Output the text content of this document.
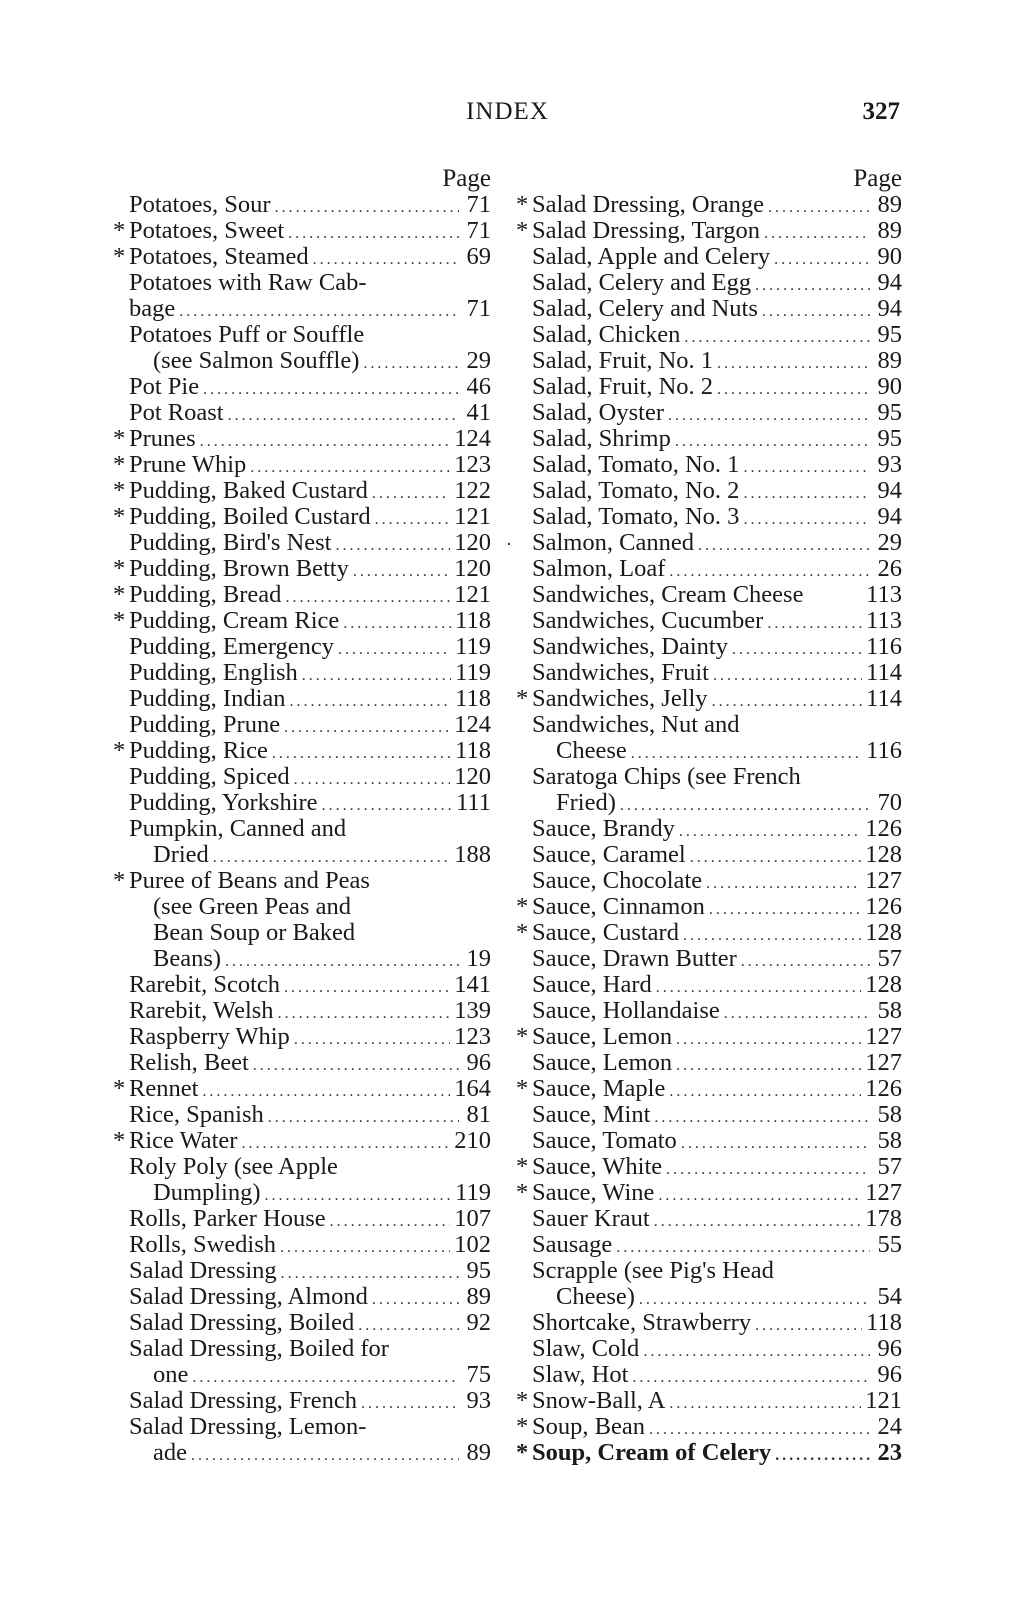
INDEX	327
Page
Potatoes, Sour .....	71
* Potatoes, Sweet .....	71
* Potatoes, Steamed .....	69
Potatoes with Raw Cab-
bage .....	71
Potatoes Puff or Souffle
(see Salmon Souffle) .....	29
Pot Pie .....	46
Pot Roast .....	41
* Prunes .....	124
* Prune Whip .....	123
* Pudding, Baked Custard .....	122
* Pudding, Boiled Custard .....	121
Pudding, Bird's Nest .....	120
* Pudding, Brown Betty .....	120
* Pudding, Bread .....	121
* Pudding, Cream Rice .....	118
Pudding, Emergency .....	119
Pudding, English .....	119
Pudding, Indian .....	118
Pudding, Prune .....	124
* Pudding, Rice .....	118
Pudding, Spiced .....	120
Pudding, Yorkshire .....	111
Pumpkin, Canned and
Dried .....	188
* Puree of Beans and Peas
(see Green Peas and
Bean Soup or Baked
Beans) .....	19
Rarebit, Scotch .....	141
Rarebit, Welsh .....	139
Raspberry Whip .....	123
Relish, Beet .....	96
* Rennet .....	164
Rice, Spanish .....	81
* Rice Water .....	210
Roly Poly (see Apple
Dumpling) .....	119
Rolls, Parker House .....	107
Rolls, Swedish .....	102
Salad Dressing .....	95
Salad Dressing, Almond .....	89
Salad Dressing, Boiled .....	92
Salad Dressing, Boiled for
one .....	75
Salad Dressing, French .....	93
Salad Dressing, Lemon-
ade .....	89
Page
* Salad Dressing, Orange .....	89
* Salad Dressing, Targon .....	89
Salad, Apple and Celery .....	90
Salad, Celery and Egg .....	94
Salad, Celery and Nuts .....	94
Salad, Chicken .....	95
Salad, Fruit, No. 1 .....	89
Salad, Fruit, No. 2 .....	90
Salad, Oyster .....	95
Salad, Shrimp .....	95
Salad, Tomato, No. 1 .....	93
Salad, Tomato, No. 2 .....	94
Salad, Tomato, No. 3 .....	94
Salmon, Canned .....	29
Salmon, Loaf .....	26
Sandwiches, Cream Cheese	113
Sandwiches, Cucumber .....	113
Sandwiches, Dainty .....	116
Sandwiches, Fruit .....	114
* Sandwiches, Jelly .....	114
Sandwiches, Nut and
Cheese .....	116
Saratoga Chips (see French
Fried) .....	70
Sauce, Brandy .....	126
Sauce, Caramel .....	128
Sauce, Chocolate .....	127
* Sauce, Cinnamon .....	126
* Sauce, Custard .....	128
Sauce, Drawn Butter .....	57
Sauce, Hard .....	128
Sauce, Hollandaise .....	58
* Sauce, Lemon .....	127
Sauce, Lemon .....	127
* Sauce, Maple .....	126
Sauce, Mint .....	58
Sauce, Tomato .....	58
* Sauce, White .....	57
* Sauce, Wine .....	127
Sauer Kraut .....	178
Sausage .....	55
Scrapple (see Pig's Head
Cheese) .....	54
Shortcake, Strawberry .....	118
Slaw, Cold .....	96
Slaw, Hot .....	96
* Snow-Ball, A .....	121
* Soup, Bean .....	24
* Soup, Cream of Celery .....	23
·
